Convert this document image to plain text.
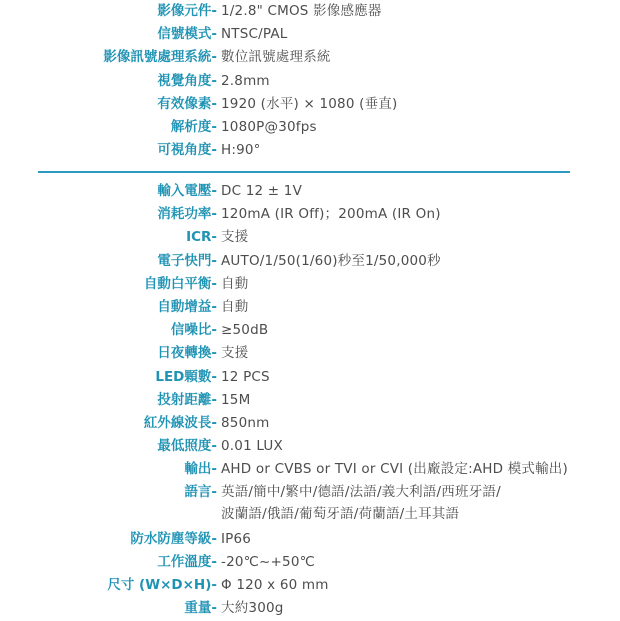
影像元件- 1/2.8" CMOS 影像感應器
信號模式- NTSC/PAL
影像訊號處理系統- 數位訊號處理系統
視覺角度- 2.8mm
有效像素- 1920 (水平) × 1080 (垂直)
解析度- 1080P@30fps
可視角度- H:90°
輸入電壓- DC 12 ± 1V
消耗功率- 120mA (IR Off)；200mA (IR On)
ICR- 支援
電子快門- AUTO/1/50(1/60)秒至1/50,000秒
自動白平衡- 自動
自動增益- 自動
信噪比- ≥50dB
日夜轉換- 支援
LED顆數- 12 PCS
投射距離- 15M
紅外線波長- 850nm
最低照度- 0.01 LUX
輸出- AHD or CVBS or TVI or CVI (出廠設定:AHD 模式輸出)
語言- 英語/簡中/繁中/德語/法語/義大利語/西班牙語/
波蘭語/俄語/葡萄牙語/荷蘭語/土耳其語
防水防塵等級- IP66
工作溫度- -20℃~+50℃
尺寸 (W×D×H)- Φ 120 x 60 mm
重量- 大約300g
